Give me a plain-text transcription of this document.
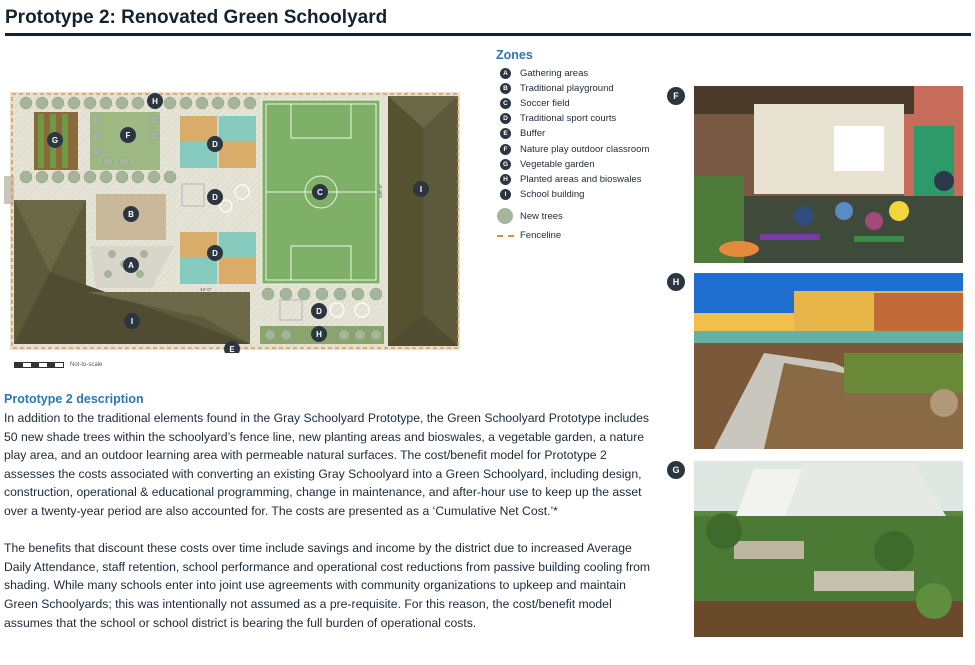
Prototype 2: Renovated Green Schoolyard
42'-0"
330'-0"
H
G
F
D
D
D
D
C
B
A
I
I
H
E
Not-to-scale
Zones
A	Gathering areas
B	Traditional playground
C	Soccer field
D	Traditional sport courts
E	Buffer
F	Nature play outdoor classroom
G	Vegetable garden
H	Planted areas and bioswales
I	School building
New trees
Fenceline
Prototype 2 description

In addition to the traditional elements found in the Gray Schoolyard Prototype, the Green Schoolyard Prototype includes 50 new shade trees within the schoolyard’s fence line, new planting areas and bioswales, a vegetable garden, a nature play area, and an outdoor learning area with permeable natural surfaces. The cost/benefit model for Prototype 2 assesses the costs associated with converting an existing Gray Schoolyard into a Green Schoolyard, including design, construction, operational & educational programming, change in maintenance, and after-hour use to keep up the asset over a twenty-year period are also accounted for. The costs are presented as a ‘Cumulative Net Cost.’*

The benefits that discount these costs over time include savings and income by the district due to increased Average Daily Attendance, staff retention, school performance and operational cost reductions from passive building cooling from shading. While many schools enter into joint use agreements with community organizations to upkeep and maintain Green Schoolyards; this was intentionally not assumed as a pre-requisite. For this reason, the cost/benefit model assumes that the school or school district is bearing the full burden of operational costs.

F
H
G
